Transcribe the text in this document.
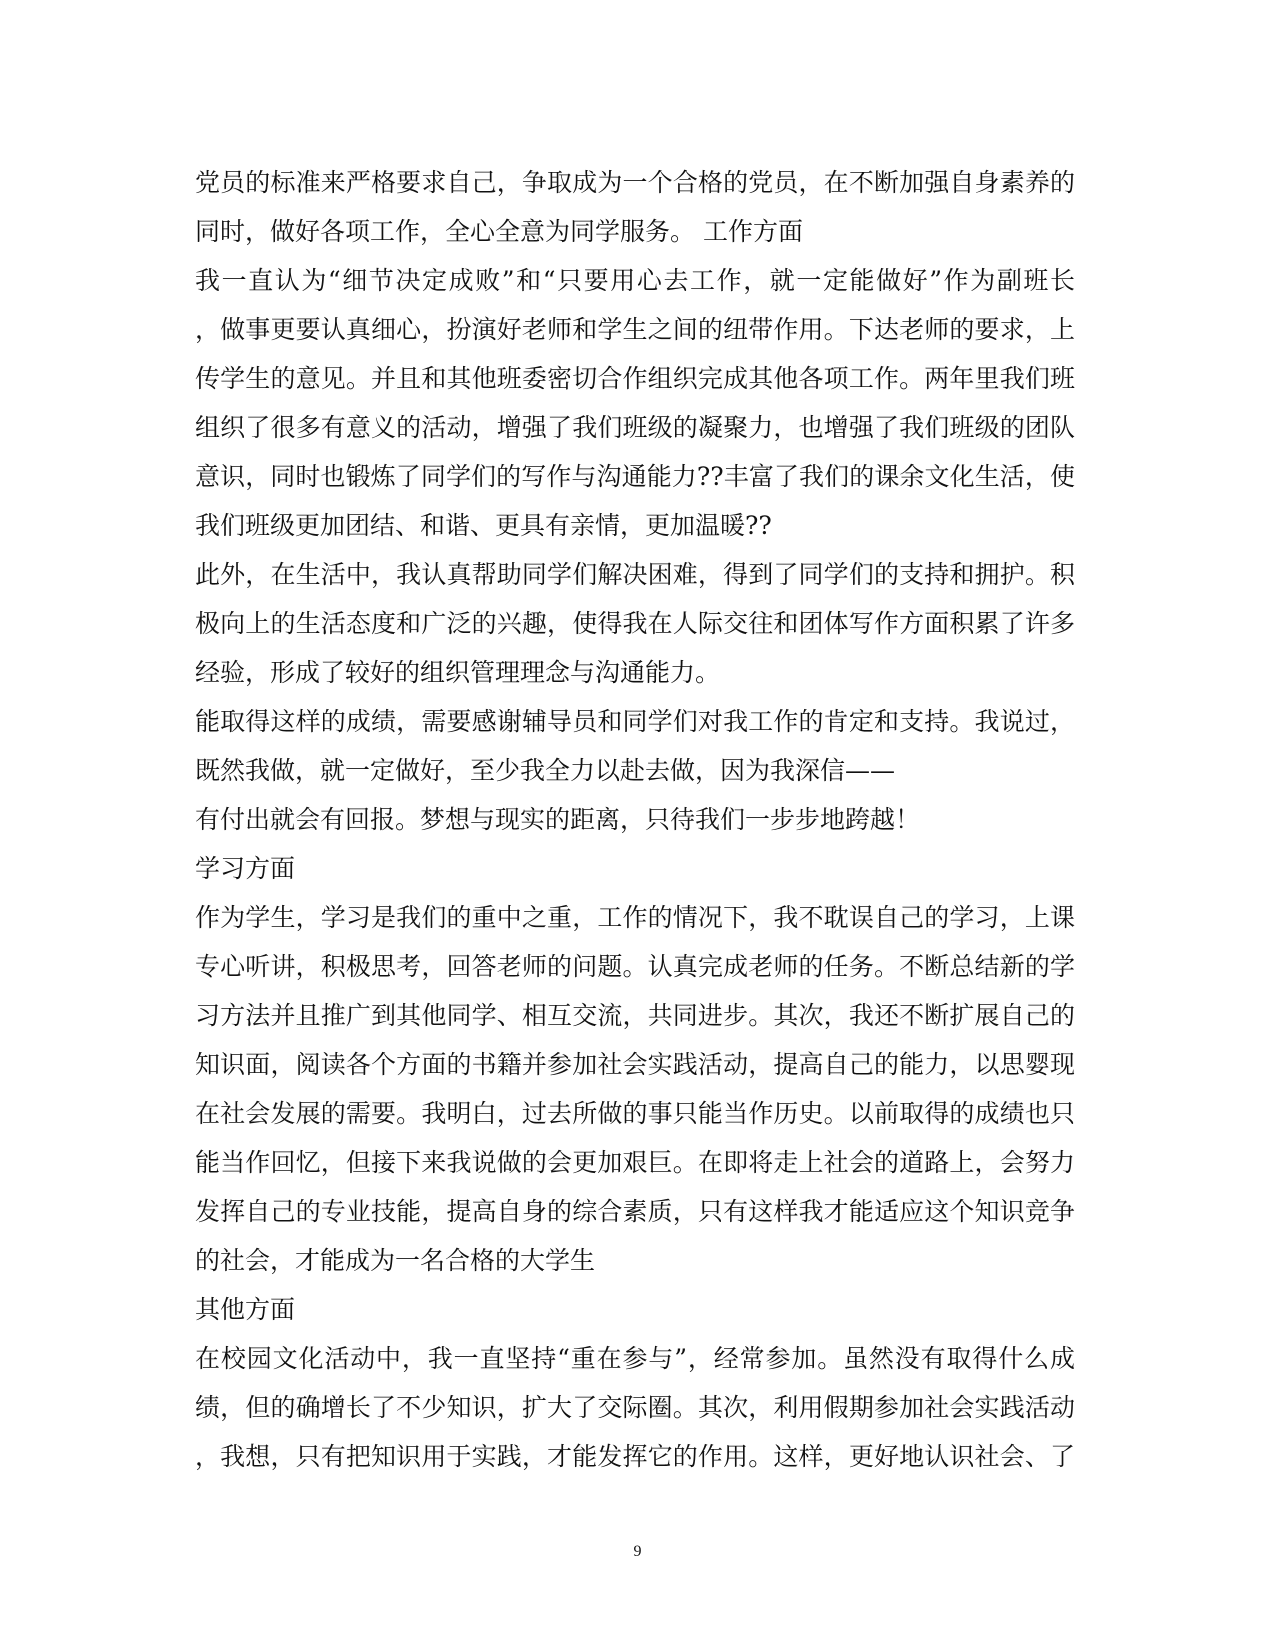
党员的标准来严格要求自己，争取成为一个合格的党员，在不断加强自身素养的
同时，做好各项工作，全心全意为同学服务。 工作方面
我一直认为“细节决定成败”和“只要用心去工作，就一定能做好”作为副班长
，做事更要认真细心，扮演好老师和学生之间的纽带作用。下达老师的要求，上
传学生的意见。并且和其他班委密切合作组织完成其他各项工作。两年里我们班
组织了很多有意义的活动，增强了我们班级的凝聚力，也增强了我们班级的团队
意识，同时也锻炼了同学们的写作与沟通能力??丰富了我们的课余文化生活，使
我们班级更加团结、和谐、更具有亲情，更加温暖??
此外，在生活中，我认真帮助同学们解决困难，得到了同学们的支持和拥护。积
极向上的生活态度和广泛的兴趣，使得我在人际交往和团体写作方面积累了许多
经验，形成了较好的组织管理理念与沟通能力。
能取得这样的成绩，需要感谢辅导员和同学们对我工作的肯定和支持。我说过，
既然我做，就一定做好，至少我全力以赴去做，因为我深信——
有付出就会有回报。梦想与现实的距离，只待我们一步步地跨越！
学习方面
作为学生，学习是我们的重中之重，工作的情况下，我不耽误自己的学习，上课
专心听讲，积极思考，回答老师的问题。认真完成老师的任务。不断总结新的学
习方法并且推广到其他同学、相互交流，共同进步。其次，我还不断扩展自己的
知识面，阅读各个方面的书籍并参加社会实践活动，提高自己的能力，以思婴现
在社会发展的需要。我明白，过去所做的事只能当作历史。以前取得的成绩也只
能当作回忆，但接下来我说做的会更加艰巨。在即将走上社会的道路上，会努力
发挥自己的专业技能，提高自身的综合素质，只有这样我才能适应这个知识竞争
的社会，才能成为一名合格的大学生
其他方面
在校园文化活动中，我一直坚持“重在参与”，经常参加。虽然没有取得什么成
绩，但的确增长了不少知识，扩大了交际圈。其次，利用假期参加社会实践活动
，我想，只有把知识用于实践，才能发挥它的作用。这样，更好地认识社会、了
9
